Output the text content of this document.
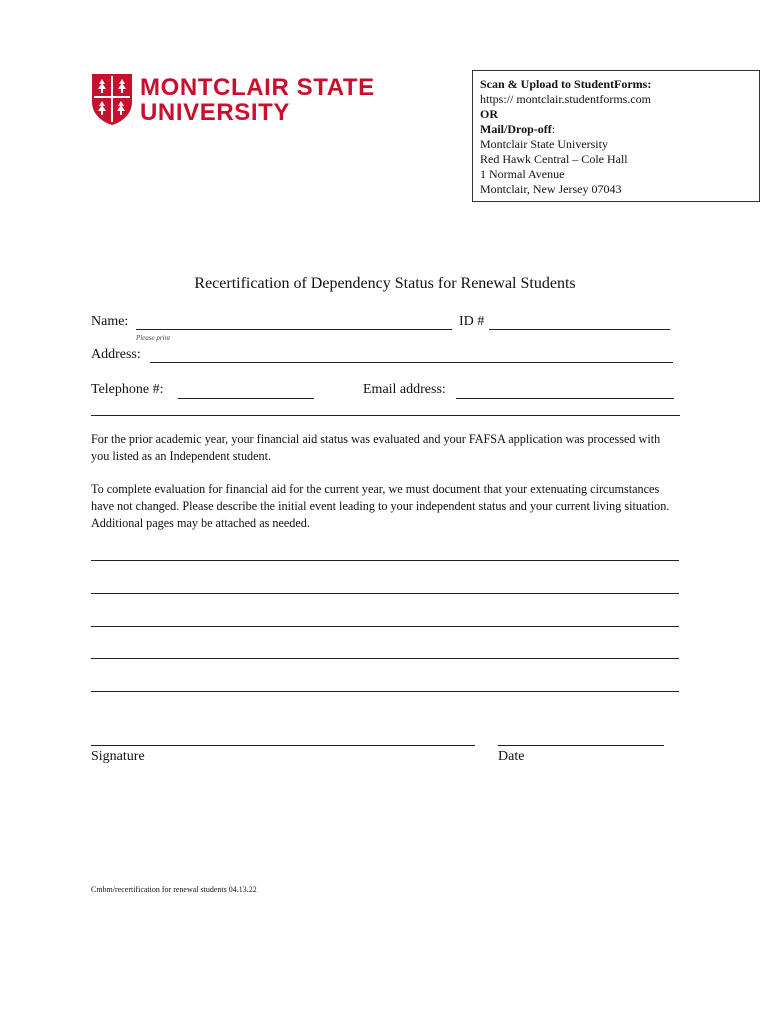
MONTCLAIR STATE
UNIVERSITY
Scan & Upload to StudentForms:
https:// montclair.studentforms.com
OR
Mail/Drop-off:
Montclair State University
Red Hawk Central – Cole Hall
1 Normal Avenue
Montclair, New Jersey 07043
Recertification of Dependency Status for Renewal Students
Name:
Please print
ID #
Address:
Telephone #:	Email address:
For the prior academic year, your financial aid status was evaluated and your FAFSA application was processed with you listed as an Independent student.
To complete evaluation for financial aid for the current year, we must document that your extenuating circumstances have not changed. Please describe the initial event leading to your independent status and your current living situation. Additional pages may be attached as needed.
Signature	Date
Cmbm/recertification for renewal students 04.13.22
